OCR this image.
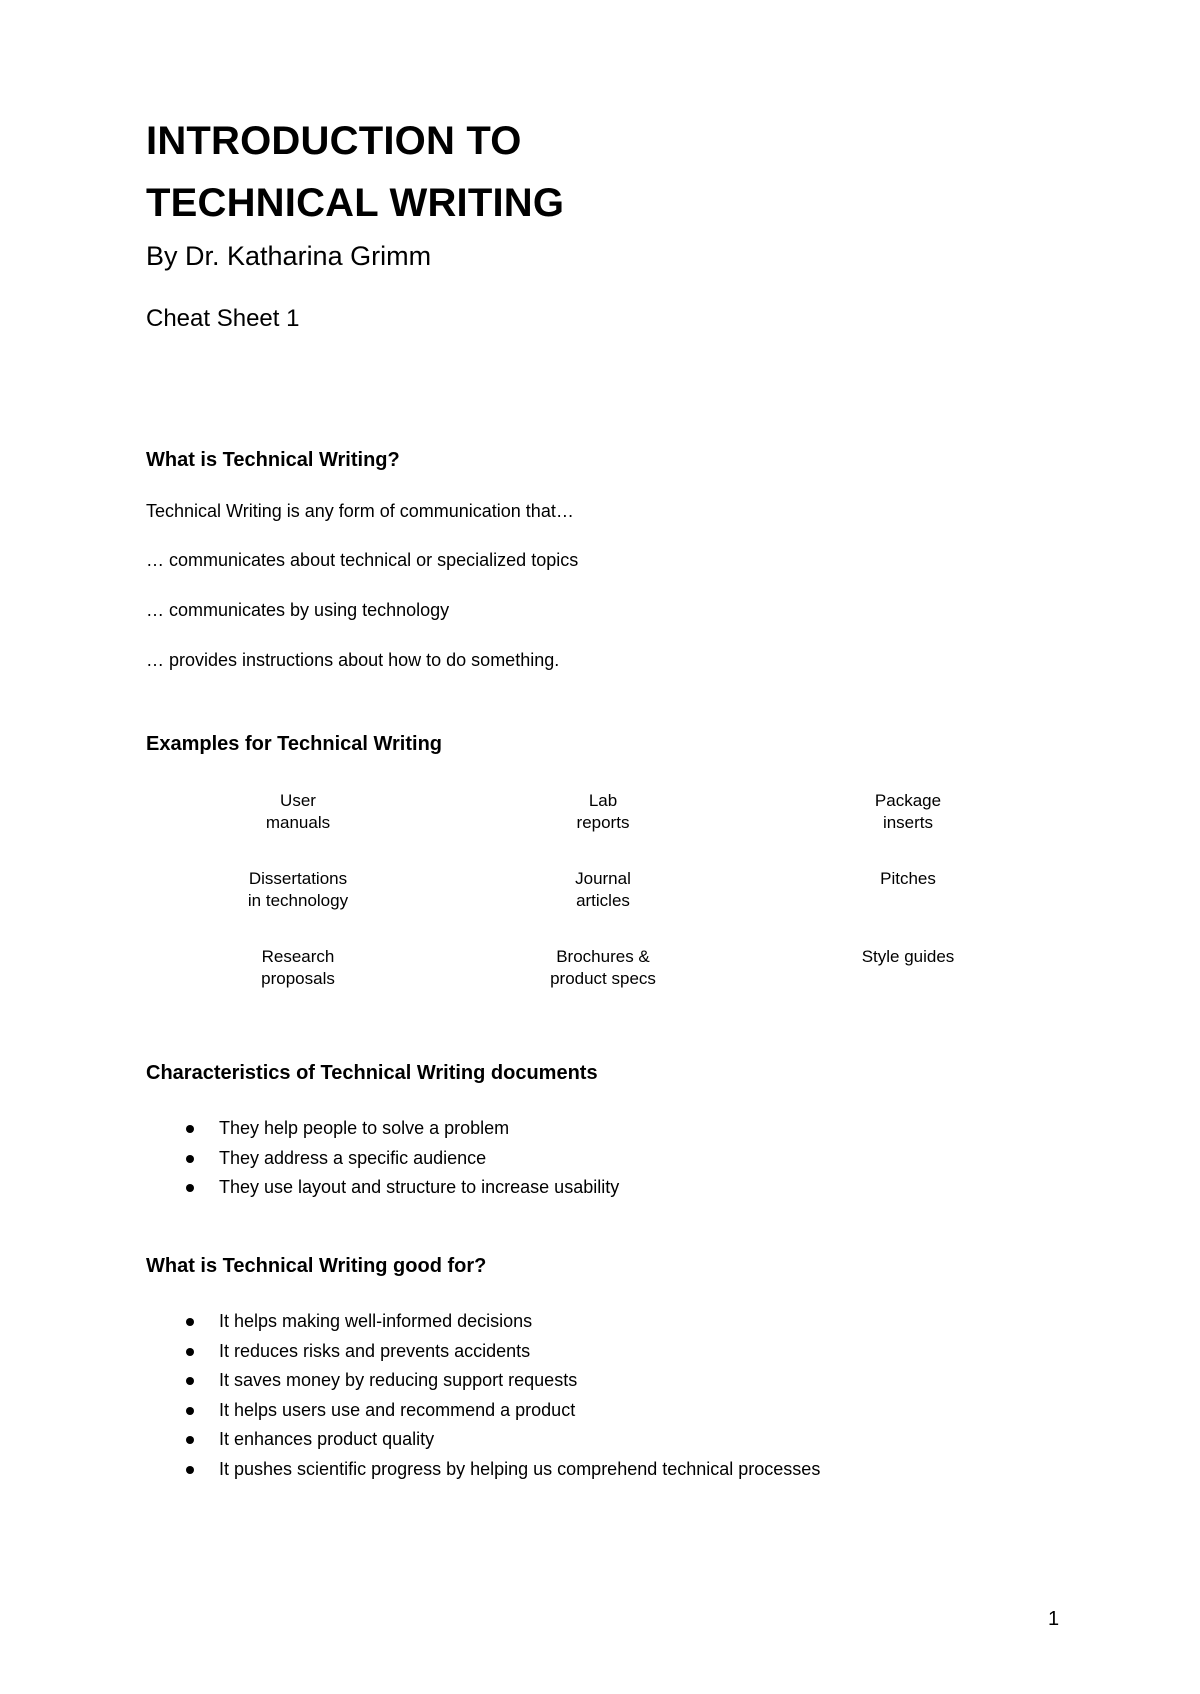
INTRODUCTION TO
TECHNICAL WRITING

By Dr. Katharina Grimm

Cheat Sheet 1

What is Technical Writing?

Technical Writing is any form of communication that…

… communicates about technical or specialized topics

… communicates by using technology

… provides instructions about how to do something.

Examples for Technical Writing
User
manuals
Lab
reports
Package
inserts
Dissertations
in technology
Journal
articles
Pitches
Research
proposals
Brochures &
product specs
Style guides
Characteristics of Technical Writing documents
They help people to solve a problem
They address a specific audience
They use layout and structure to increase usability
What is Technical Writing good for?
It helps making well-informed decisions
It reduces risks and prevents accidents
It saves money by reducing support requests
It helps users use and recommend a product
It enhances product quality
It pushes scientific progress by helping us comprehend technical processes

1
